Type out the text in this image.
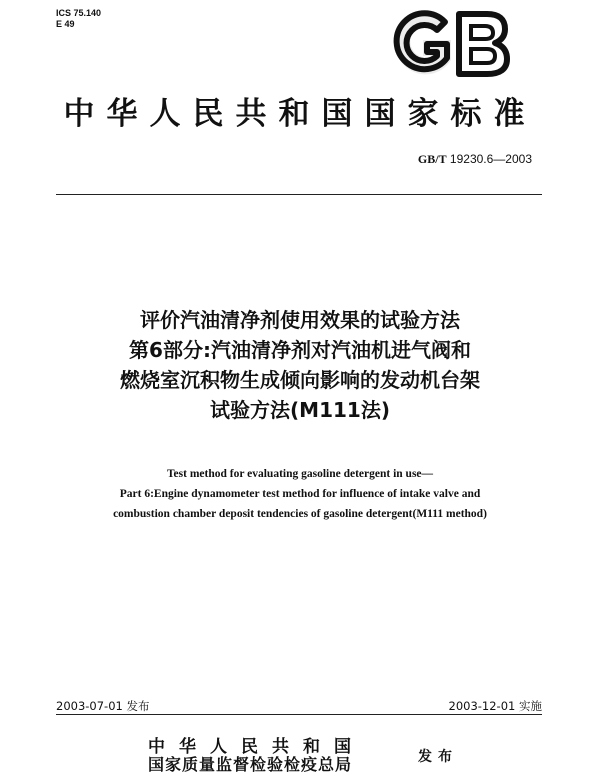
ICS 75.140
E 49
中华人民共和国国家标准
GB/T 19230.6—2003
评价汽油清净剂使用效果的试验方法
第6部分:汽油清净剂对汽油机进气阀和
燃烧室沉积物生成倾向影响的发动机台架
试验方法(M111法)
Test method for evaluating gasoline detergent in use—
Part 6:Engine dynamometer test method for influence of intake valve and
combustion chamber deposit tendencies of gasoline detergent(M111 method)
2003-07-01 发布	2003-12-01 实施
中华人民共和国
国家质量监督检验检疫总局	发布
